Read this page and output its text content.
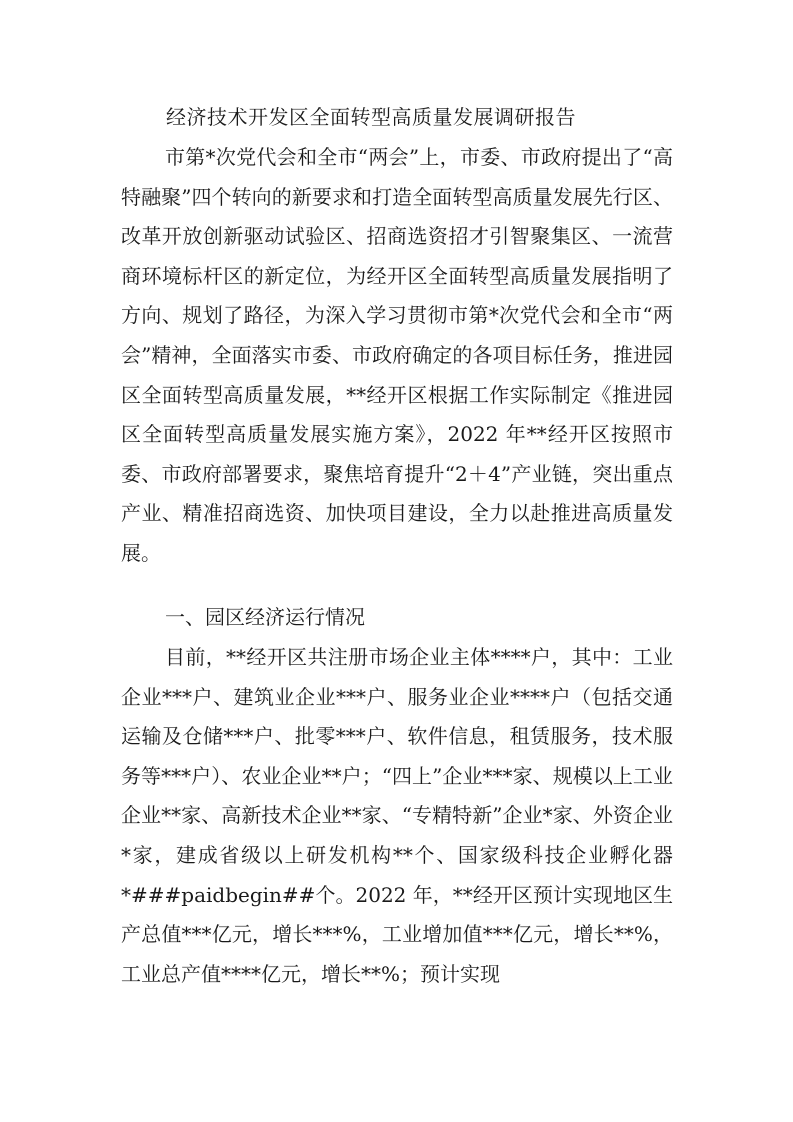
经济技术开发区全面转型高质量发展调研报告

市第*次党代会和全市“两会”上，市委、市政府提出了“高特融聚”四个转向的新要求和打造全面转型高质量发展先行区、改革开放创新驱动试验区、招商选资招才引智聚集区、一流营商环境标杆区的新定位，为经开区全面转型高质量发展指明了方向、规划了路径，为深入学习贯彻市第*次党代会和全市“两会”精神，全面落实市委、市政府确定的各项目标任务，推进园区全面转型高质量发展，**经开区根据工作实际制定《推进园区全面转型高质量发展实施方案》，2022 年**经开区按照市委、市政府部署要求，聚焦培育提升“2＋4”产业链，突出重点产业、精准招商选资、加快项目建设，全力以赴推进高质量发展。

一、园区经济运行情况

目前，**经开区共注册市场企业主体****户，其中：工业企业***户、建筑业企业***户、服务业企业****户（包括交通运输及仓储***户、批零***户、软件信息，租赁服务，技术服务等***户）、农业企业**户；“四上”企业***家、规模以上工业企业**家、高新技术企业**家、“专精特新”企业*家、外资企业*家，建成省级以上研发机构**个、国家级科技企业孵化器*###paidbegin##个。2022 年，**经开区预计实现地区生产总值***亿元，增长***%，工业增加值***亿元，增长**%，工业总产值****亿元，增长**%；预计实现
